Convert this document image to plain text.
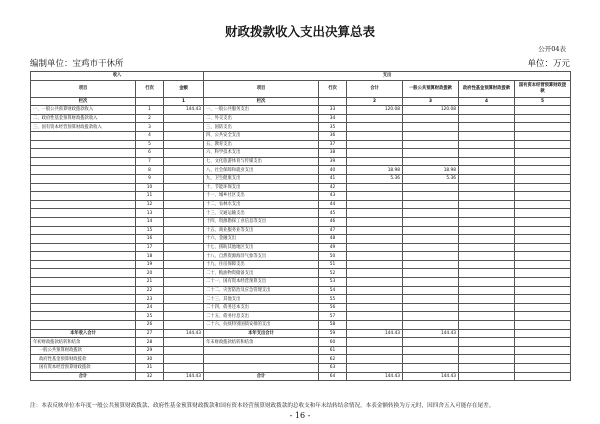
财政拨款收入支出决算总表
公开04表
编制单位：宝鸡市干休所	单位：万元
收入			支出					
项目	行次	金额	项目	行次	合计	一般公共预算财政拨款	政府性基金预算财政拨款	国有资本经营预算财政拨款
栏次		1	栏次		2	3	4	5
一、一般公共预算财政拨款收入	1	144.43	一、一般公共服务支出	33	120.08	120.08		
二、政府性基金预算财政拨款收入	2		二、外交支出	34				
三、国有资本经营预算财政拨款收入	3		三、国防支出	35				
	4		四、公共安全支出	36				
	5		五、教育支出	37				
	6		六、科学技术支出	38				
	7		七、文化旅游体育与传媒支出	39				
	8		八、社会保障和就业支出	40	18.98	18.98		
	9		九、卫生健康支出	41	5.36	5.36		
	10		十、节能环保支出	42				
	11		十一、城乡社区支出	43				
	12		十二、农林水支出	44				
	13		十三、交通运输支出	45				
	14		十四、资源勘探工业信息等支出	46				
	15		十五、商业服务业等支出	47				
	16		十六、金融支出	48				
	17		十七、援助其他地区支出	49				
	18		十八、自然资源海洋气象等支出	50				
	19		十九、住房保障支出	51				
	20		二十、粮油物资储备支出	52				
	21		二十一、国有资本经营预算支出	53				
	22		二十二、灾害防治及应急管理支出	54				
	23		二十三、其他支出	55				
	24		二十四、债务还本支出	56				
	25		二十五、债务付息支出	57				
	26		二十六、抗疫特别国债安排的支出	58				
本年收入合计	27	144.43	本年支出合计	59	144.43	144.43		
年初财政拨款结转和结余	28		年末财政拨款结转和结余	60				
一般公共预算财政拨款	29			61				
政府性基金预算财政拨款	30			62				
国有资本经营预算财政拨款	31			63				
合计	32	144.43	合计	64	144.43	144.43		
注：本表反映单位本年度一般公共预算财政拨款、政府性基金预算财政拨款和国有资本经营预算财政拨款的总收支和年末结转结余情况。本表金额转换为万元时，因四舍五入可能存在尾差。
- 16 -
